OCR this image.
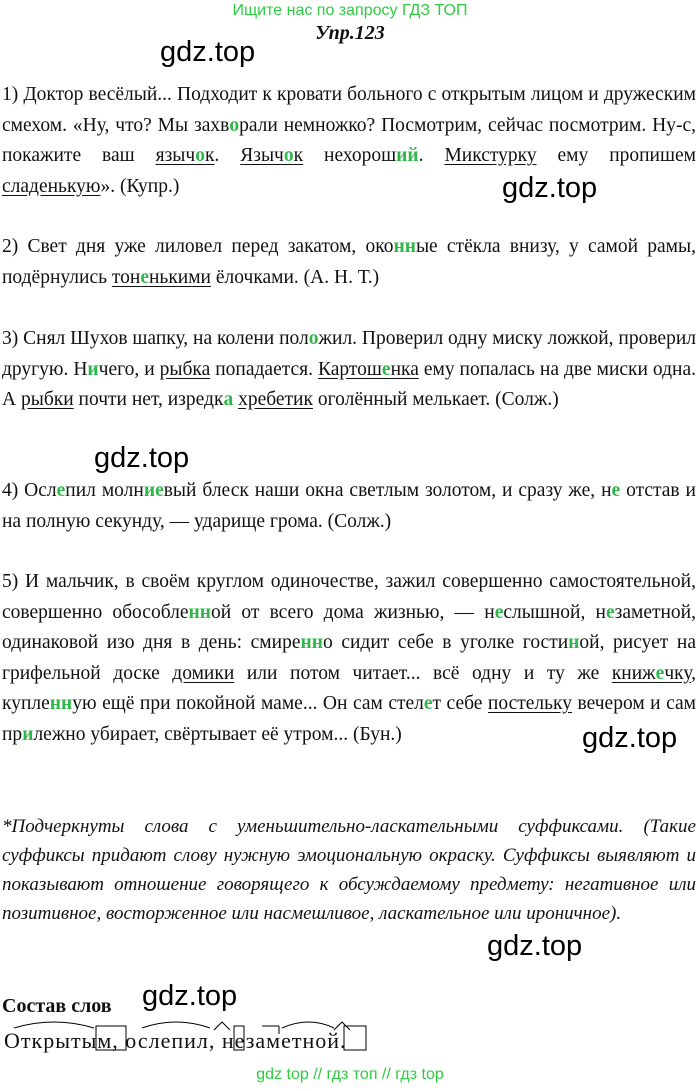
Ищите нас по запросу ГДЗ ТОП
Упр.123
gdz.top
gdz.top
gdz.top
gdz.top
gdz.top
gdz.top
1) Доктор весёлый... Подходит к кровати больного с открытым лицом и дружеским смехом. «Ну, что? Мы захворали немножко? Посмотрим, сейчас посмотрим. Ну-с, покажите ваш язычок. Язычок нехороший. Микстурку ему пропишем сладенькую». (Купр.)
2) Свет дня уже лиловел перед закатом, оконные стёкла внизу, у самой рамы, подёрнулись тоненькими ёлочками. (А. Н. Т.)
3) Снял Шухов шапку, на колени положил. Проверил одну миску ложкой, проверил другую. Ничего, и рыбка попадается. Картошенка ему попалась на две миски одна. А рыбки почти нет, изредка хребетик оголённый мелькает. (Солж.)
4) Ослепил молниевый блеск наши окна светлым золотом, и сразу же, не отстав и на полную секунду, — ударище грома. (Солж.)
5) И мальчик, в своём круглом одиночестве, зажил совершенно самостоятельной, совершенно обособленной от всего дома жизнью, — неслышной, незаметной, одинаковой изо дня в день: смиренно сидит себе в уголке гостиной, рисует на грифельной доске домики или потом читает... всё одну и ту же книжечку, купленную ещё при покойной маме... Он сам стелет себе постельку вечером и сам прилежно убирает, свёртывает её утром... (Бун.)
*Подчеркнуты слова с уменьшительно-ласкательными суффиксами. (Такие суффиксы придают слову нужную эмоциональную окраску. Суффиксы выявляют и показывают отношение говорящего к обсуждаемому предмету: негативное или позитивное, восторженное или насмешливое, ласкательное или ироничное).
Состав слов
Открытым, ослепил, незаметной.
gdz top // гдз топ // гдз top
